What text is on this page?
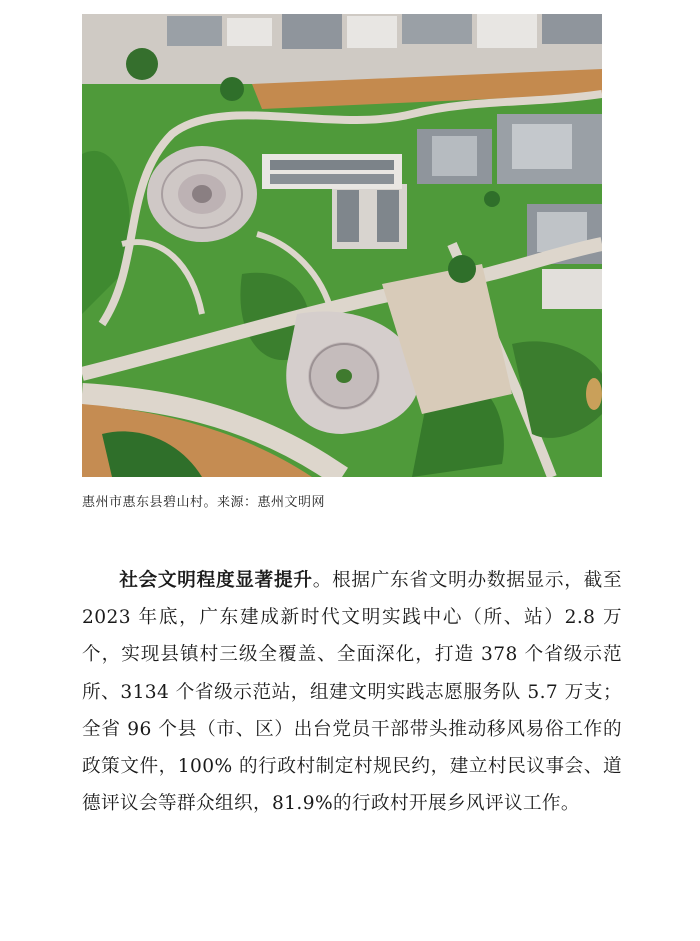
惠州市惠东县碧山村。来源：惠州文明网

社会文明程度显著提升。根据广东省文明办数据显示，截至 2023 年底，广东建成新时代文明实践中心（所、站）2.8 万个，实现县镇村三级全覆盖、全面深化，打造 378 个省级示范所、3134 个省级示范站，组建文明实践志愿服务队 5.7 万支；全省 96 个县（市、区）出台党员干部带头推动移风易俗工作的政策文件，100% 的行政村制定村规民约，建立村民议事会、道德评议会等群众组织，81.9%的行政村开展乡风评议工作。
